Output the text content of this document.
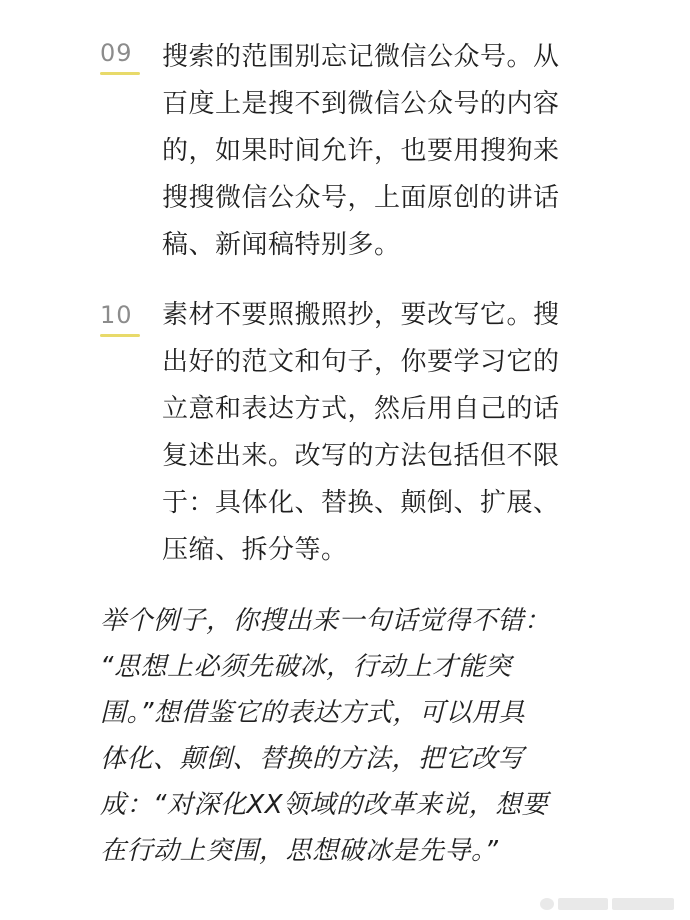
09 搜索的范围别忘记微信公众号。从
百度上是搜不到微信公众号的内容
的，如果时间允许，也要用搜狗来
搜搜微信公众号，上面原创的讲话
稿、新闻稿特别多。
10 素材不要照搬照抄，要改写它。搜
出好的范文和句子，你要学习它的
立意和表达方式，然后用自己的话
复述出来。改写的方法包括但不限
于：具体化、替换、颠倒、扩展、
压缩、拆分等。
举个例子，你搜出来一句话觉得不错：
“思想上必须先破冰，行动上才能突
围。”想借鉴它的表达方式，可以用具
体化、颠倒、替换的方法，把它改写
成：“对深化XX领域的改革来说，想要
在行动上突围，思想破冰是先导。”
